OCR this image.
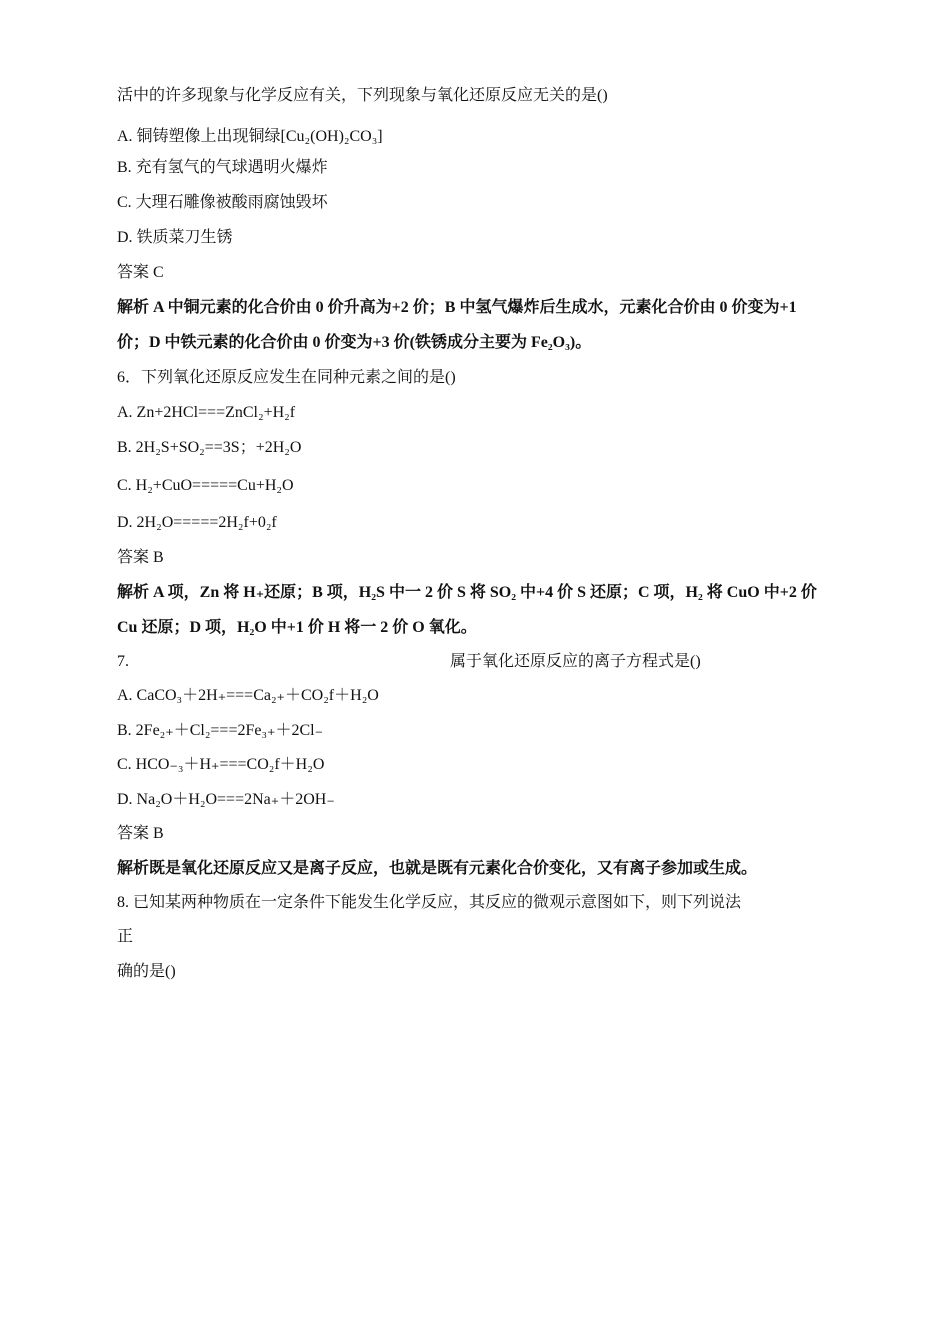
活中的许多现象与化学反应有关，下列现象与氧化还原反应无关的是()
A. 铜铸塑像上出现铜绿[Cu₂(OH)₂CO₃]
B. 充有氢气的气球遇明火爆炸
C. 大理石雕像被酸雨腐蚀毁坏
D. 铁质菜刀生锈
答案 C
解析 A 中铜元素的化合价由 0 价升高为+2 价；B 中氢气爆炸后生成水，元素化合价由 0 价变为+1
价；D 中铁元素的化合价由 0 价变为+3 价(铁锈成分主要为 Fe₂O₃)。
6．下列氧化还原反应发生在同种元素之间的是()
A. Zn+2HCl===ZnCl₂+H₂f
B. 2H₂S+SO₂==3S；+2H₂O
C. H₂+CuO=====Cu+H₂O
D. 2H₂O=====2H₂f+0₂f
答案 B
解析 A 项，Zn 将 H₊还原；B 项，H₂S 中一 2 价 S 将 SO₂ 中+4 价 S 还原；C 项，H₂ 将 CuO 中+2 价
Cu 还原；D 项，H₂O 中+1 价 H 将一 2 价 O 氧化。
7.	属于氧化还原反应的离子方程式是()
A. CaCO₃＋2H₊===Ca₂₊＋CO₂f＋H₂O
B. 2Fe₂₊＋Cl₂===2Fe₃₊＋2Cl₋
C. HCO₋₃＋H₊===CO₂f＋H₂O
D. Na₂O＋H₂O===2Na₊＋2OH₋
答案 B
解析既是氧化还原反应又是离子反应，也就是既有元素化合价变化，又有离子参加或生成。
8. 已知某两种物质在一定条件下能发生化学反应，其反应的微观示意图如下，则下列说法
正
确的是()
